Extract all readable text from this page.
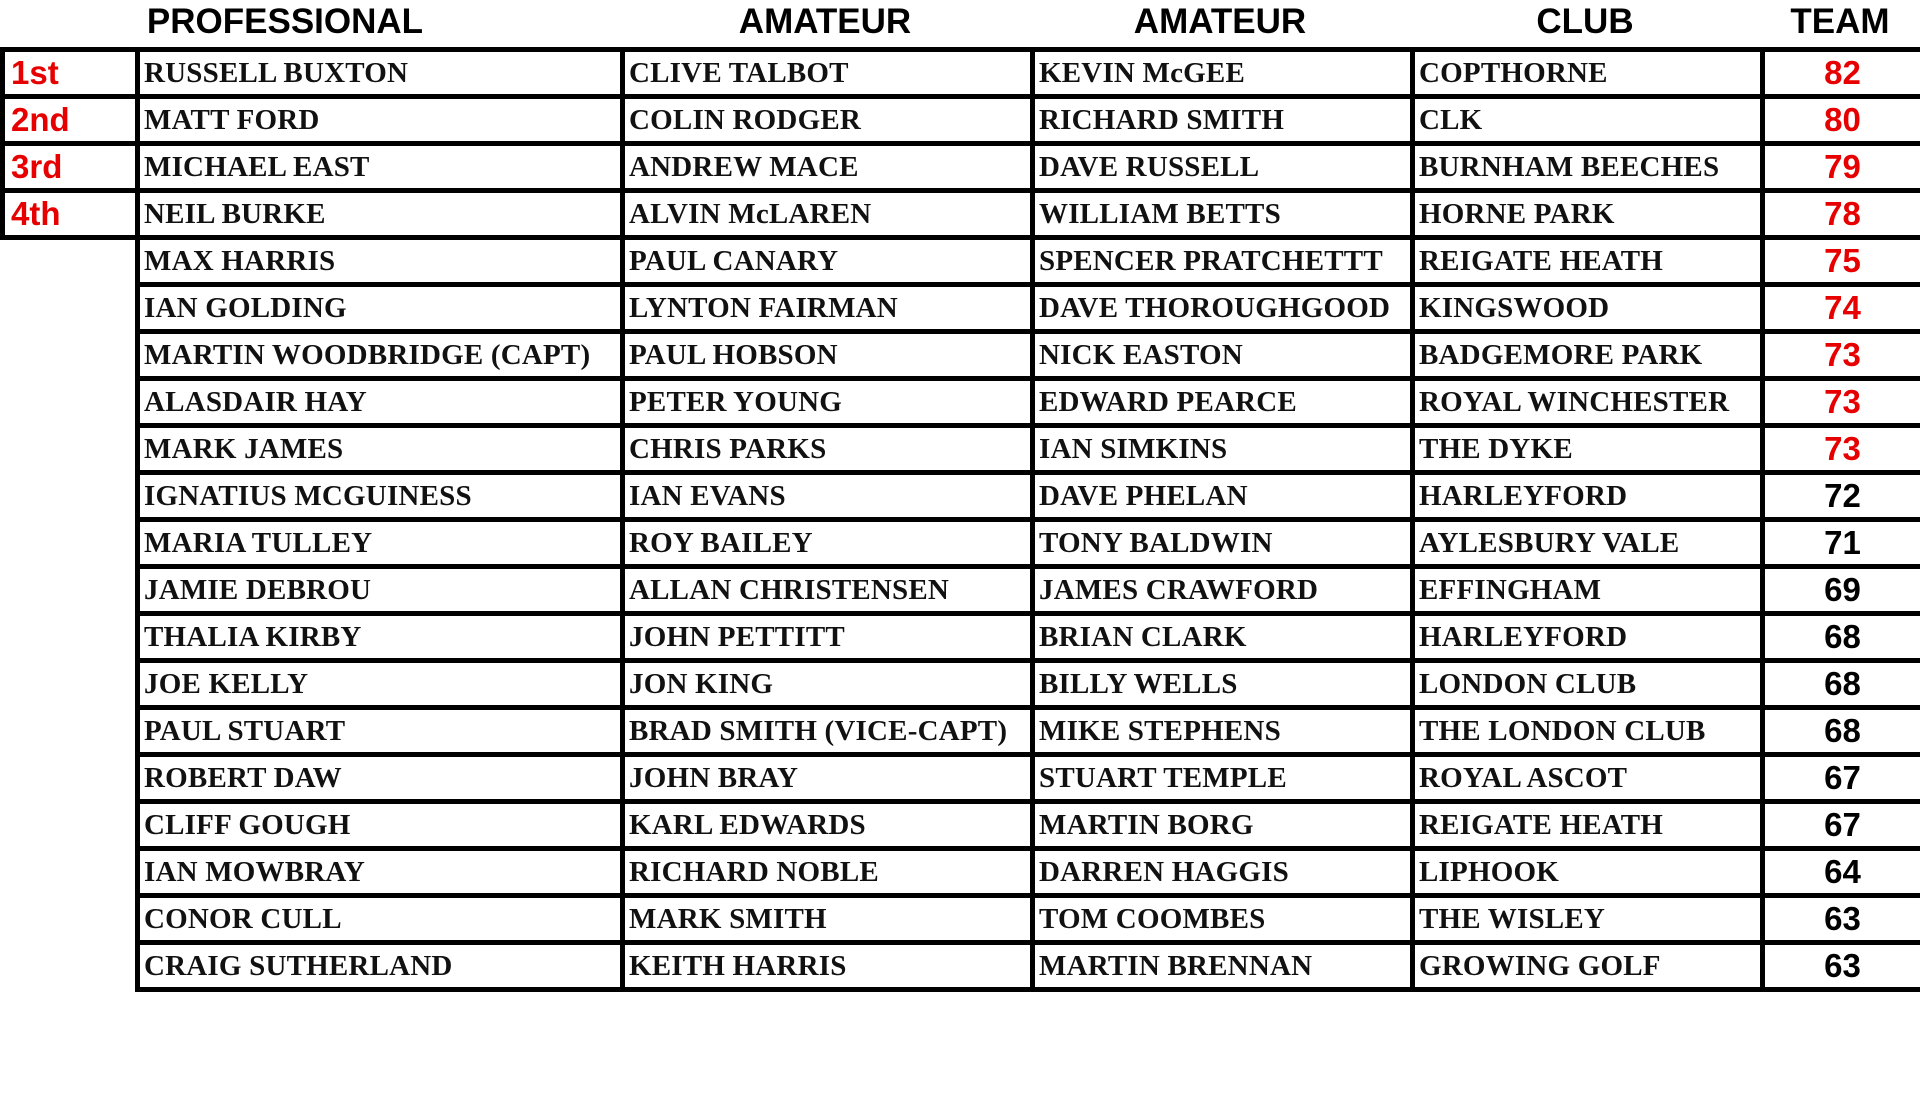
PROFESSIONAL	AMATEUR	AMATEUR	CLUB	TEAM
1st	RUSSELL BUXTON	CLIVE TALBOT	KEVIN McGEE	COPTHORNE	82
2nd	MATT FORD	COLIN RODGER	RICHARD SMITH	CLK	80
3rd	MICHAEL EAST	ANDREW MACE	DAVE RUSSELL	BURNHAM BEECHES	79
4th	NEIL BURKE	ALVIN McLAREN	WILLIAM BETTS	HORNE PARK	78
	MAX HARRIS	PAUL CANARY	SPENCER PRATCHETTT	REIGATE HEATH	75
	IAN GOLDING	LYNTON FAIRMAN	DAVE THOROUGHGOOD	KINGSWOOD	74
	MARTIN WOODBRIDGE (CAPT)	PAUL HOBSON	NICK EASTON	BADGEMORE PARK	73
	ALASDAIR HAY	PETER YOUNG	EDWARD PEARCE	ROYAL WINCHESTER	73
	MARK JAMES	CHRIS PARKS	IAN SIMKINS	THE DYKE	73
	IGNATIUS MCGUINESS	IAN EVANS	DAVE PHELAN	HARLEYFORD	72
	MARIA TULLEY	ROY BAILEY	TONY BALDWIN	AYLESBURY VALE	71
	JAMIE DEBROU	ALLAN CHRISTENSEN	JAMES CRAWFORD	EFFINGHAM	69
	THALIA KIRBY	JOHN PETTITT	BRIAN CLARK	HARLEYFORD	68
	JOE KELLY	JON KING	BILLY WELLS	LONDON CLUB	68
	PAUL STUART	BRAD SMITH (VICE-CAPT)	MIKE STEPHENS	THE LONDON CLUB	68
	ROBERT DAW	JOHN BRAY	STUART TEMPLE	ROYAL ASCOT	67
	CLIFF GOUGH	KARL EDWARDS	MARTIN BORG	REIGATE HEATH	67
	IAN MOWBRAY	RICHARD NOBLE	DARREN HAGGIS	LIPHOOK	64
	CONOR CULL	MARK SMITH	TOM COOMBES	THE WISLEY	63
	CRAIG SUTHERLAND	KEITH HARRIS	MARTIN BRENNAN	GROWING GOLF	63
